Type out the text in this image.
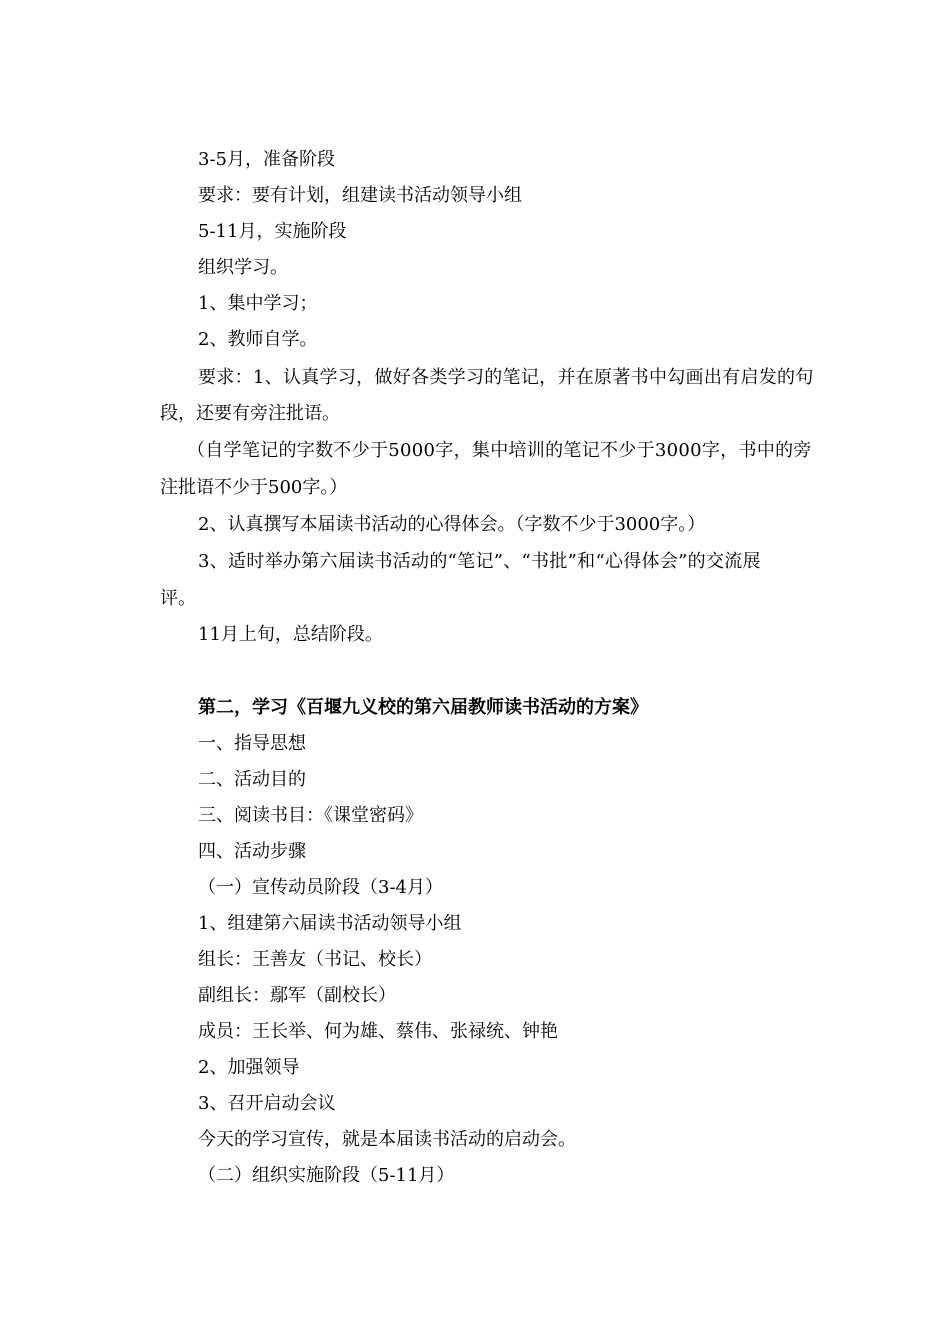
3-5月，准备阶段
要求：要有计划，组建读书活动领导小组
5-11月，实施阶段
组织学习。
1、集中学习；
2、教师自学。
要求：1、认真学习，做好各类学习的笔记，并在原著书中勾画出有启发的句
段，还要有旁注批语。
（自学笔记的字数不少于5000字，集中培训的笔记不少于3000字，书中的旁
注批语不少于500字。）
2、认真撰写本届读书活动的心得体会。（字数不少于3000字。）
3、适时举办第六届读书活动的“笔记”、“书批”和“心得体会”的交流展
评。
11月上旬，总结阶段。
第二，学习《百堰九义校的第六届教师读书活动的方案》
一、指导思想
二、活动目的
三、阅读书目：《课堂密码》
四、活动步骤
（一）宣传动员阶段（3-4月）
1、组建第六届读书活动领导小组
组长：王善友（书记、校长）
副组长：鄢军（副校长）
成员：王长举、何为雄、蔡伟、张禄统、钟艳
2、加强领导
3、召开启动会议
今天的学习宣传，就是本届读书活动的启动会。
（二）组织实施阶段（5-11月）
